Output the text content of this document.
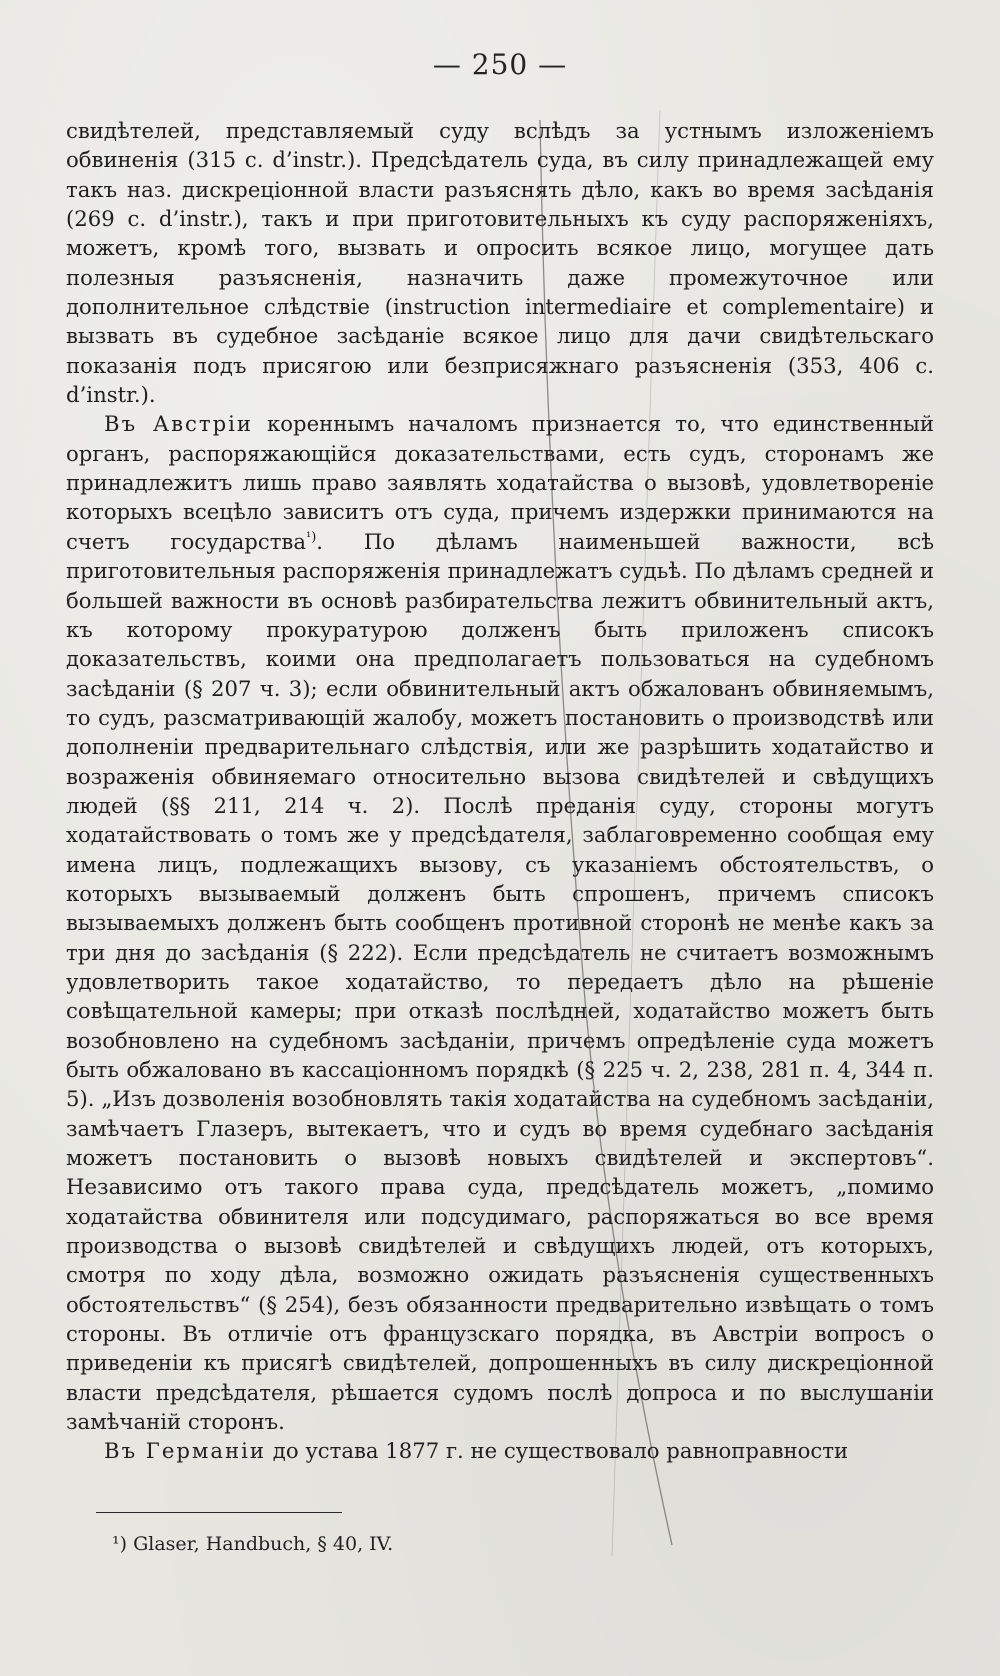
— 250 —

свидѣтелей, представляемый суду вслѣдъ за устнымъ изложеніемъ обвиненія (315 c. d’instr.). Предсѣдатель суда, въ силу принадлежащей ему такъ наз. дискреціонной власти разъяснять дѣло, какъ во время засѣданія (269 c. d’instr.), такъ и при приготовительныхъ къ суду распоряженіяхъ, можетъ, кромѣ того, вызвать и опросить всякое лицо, могущее дать полезныя разъясненія, назначить даже промежуточное или дополнительное слѣдствіе (instruction intermediaire et complementaire) и вызвать въ судебное засѣданіе всякое лицо для дачи свидѣтельскаго показанія подъ присягою или безприсяжнаго разъясненія (353, 406 c. d’instr.).

Въ Австріи кореннымъ началомъ признается то, что единственный органъ, распоряжающійся доказательствами, есть судъ, сторонамъ же принадлежитъ лишь право заявлять ходатайства о вызовѣ, удовлетвореніе которыхъ всецѣло зависитъ отъ суда, причемъ издержки принимаются на счетъ государства$^{^1)}$. По дѣламъ наименьшей важности, всѣ приготовительныя распоряженія принадлежатъ судьѣ. По дѣламъ средней и большей важности въ основѣ разбирательства лежитъ обвинительный актъ, къ которому прокуратурою долженъ быть приложенъ списокъ доказательствъ, коими она предполагаетъ пользоваться на судебномъ засѣданіи (§ 207 ч. 3); если обвинительный актъ обжалованъ обвиняемымъ, то судъ, разсматривающій жалобу, можетъ постановить о производствѣ или дополненіи предварительнаго слѣдствія, или же разрѣшить ходатайство и возраженія обвиняемаго относительно вызова свидѣтелей и свѣдущихъ людей (§§ 211, 214 ч. 2). Послѣ преданія суду, стороны могутъ ходатайствовать о томъ же у предсѣдателя, заблаговременно сообщая ему имена лицъ, подлежащихъ вызову, съ указаніемъ обстоятельствъ, о которыхъ вызываемый долженъ быть спрошенъ, причемъ списокъ вызываемыхъ долженъ быть сообщенъ противной сторонѣ не менѣе какъ за три дня до засѣданія (§ 222). Если предсѣдатель не считаетъ возможнымъ удовлетворить такое ходатайство, то передаетъ дѣло на рѣшеніе совѣщательной камеры; при отказѣ послѣдней, ходатайство можетъ быть возобновлено на судебномъ засѣданіи, причемъ опредѣленіе суда можетъ быть обжаловано въ кассаціонномъ порядкѣ (§ 225 ч. 2, 238, 281 п. 4, 344 п. 5). „Изъ дозволенія возобновлять такія ходатайства на судебномъ засѣданіи, замѣчаетъ Глазеръ, вытекаетъ, что и судъ во время судебнаго засѣданія можетъ постановить о вызовѣ новыхъ свидѣтелей и экспертовъ“. Независимо отъ такого права суда, предсѣдатель можетъ, „помимо ходатайства обвинителя или подсудимаго, распоряжаться во все время производства о вызовѣ свидѣтелей и свѣдущихъ людей, отъ которыхъ, смотря по ходу дѣла, возможно ожидать разъясненія существенныхъ обстоятельствъ“ (§ 254), безъ обязанности предварительно извѣщать о томъ стороны. Въ отличіе отъ французскаго порядка, въ Австріи вопросъ о приведеніи къ присягѣ свидѣтелей, допрошенныхъ въ силу дискреціонной власти предсѣдателя, рѣшается судомъ послѣ допроса и по выслушаніи замѣчаній сторонъ.

Въ Германіи до устава 1877 г. не существовало равноправности

¹) Glaser, Handbuch, § 40, IV.
